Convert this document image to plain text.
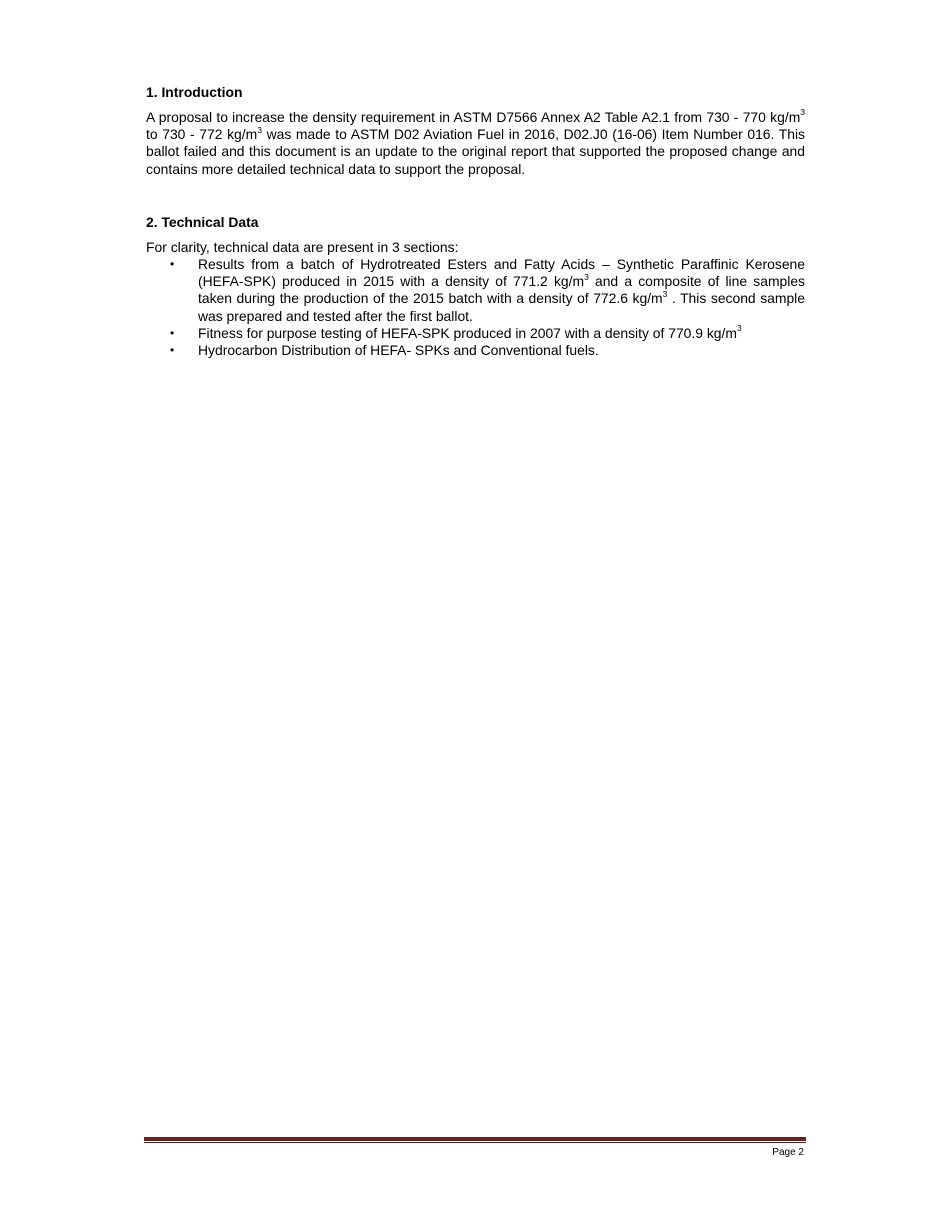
1. Introduction

A proposal to increase the density requirement in ASTM D7566 Annex A2 Table A2.1 from 730 - 770 $kg/m^3$ to 730 - 772 $kg/m^3$ was made to ASTM D02 Aviation Fuel in 2016, D02.J0 (16-06) Item Number 016. This ballot failed and this document is an update to the original report that supported the proposed change and contains more detailed technical data to support the proposal.

2. Technical Data

For clarity, technical data are present in 3 sections:

• Results from a batch of Hydrotreated Esters and Fatty Acids – Synthetic Paraffinic Kerosene (HEFA-SPK) produced in 2015 with a density of 771.2 $kg/m^3$ and a composite of line samples taken during the production of the 2015 batch with a density of 772.6 $kg/m^3$ . This second sample was prepared and tested after the first ballot.
• Fitness for purpose testing of HEFA-SPK produced in 2007 with a density of 770.9 $kg/m^3$
• Hydrocarbon Distribution of HEFA- SPKs and Conventional fuels.
Page 2
